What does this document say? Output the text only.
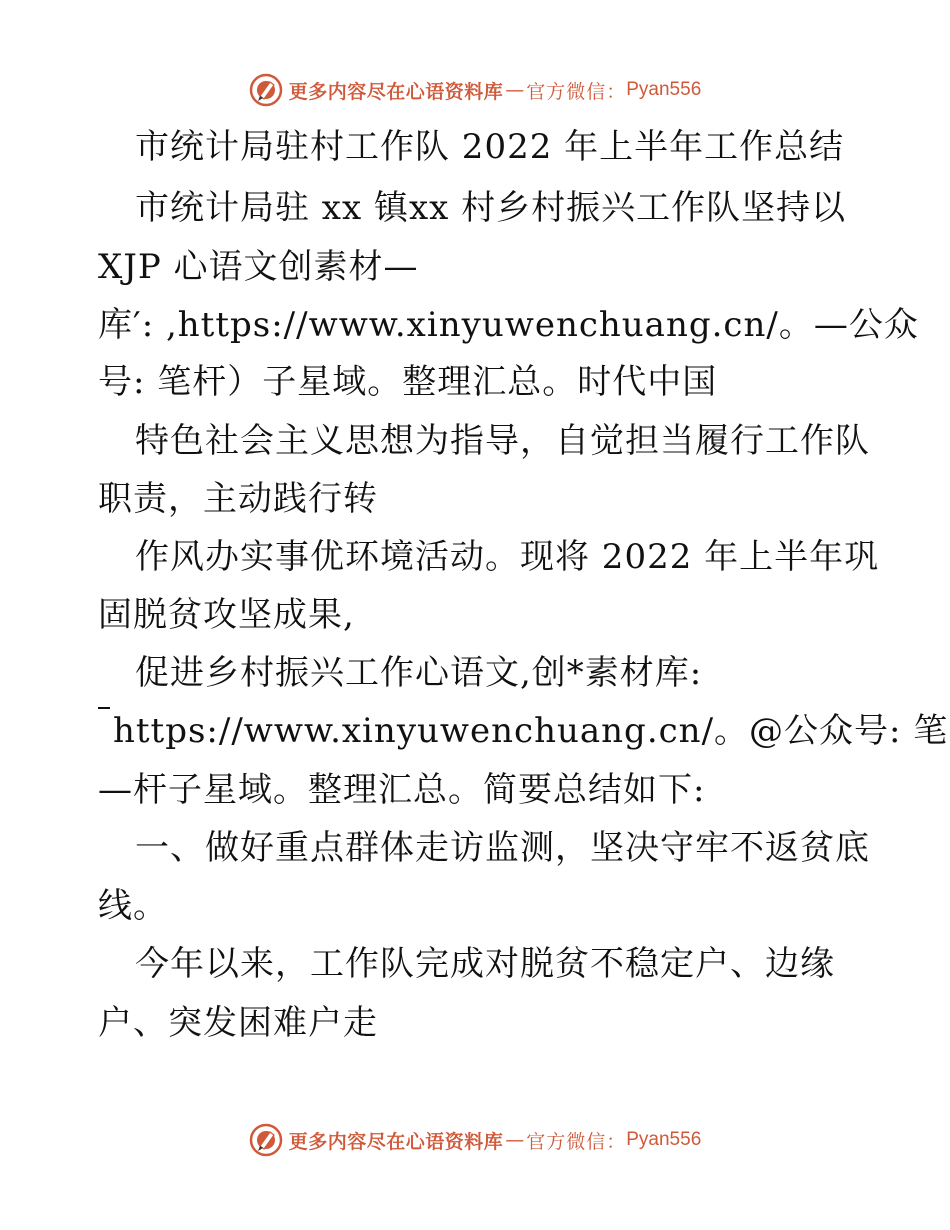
更多内容尽在心语资料库 — 官方微信： Pyan556
市统计局驻村工作队 2022 年上半年工作总结
市统计局驻 xx 镇xx 村乡村振兴工作队坚持以
XJP 心语文创素材—
库′: ,https://www.xinyuwenchuang.cn/。—公众
号: 笔杆）子星域。整理汇总。时代中国
特色社会主义思想为指导，自觉担当履行工作队
职责，主动践行转
作风办实事优环境活动。现将 2022 年上半年巩
固脱贫攻坚成果,
促进乡村振兴工作心语文,创*素材库:
https://www.xinyuwenchuang.cn/。@公众号: 笔
—杆子星域。整理汇总。简要总结如下:
一、做好重点群体走访监测，坚决守牢不返贫底
线。
今年以来，工作队完成对脱贫不稳定户、边缘
户、突发困难户走
更多内容尽在心语资料库 — 官方微信： Pyan556
